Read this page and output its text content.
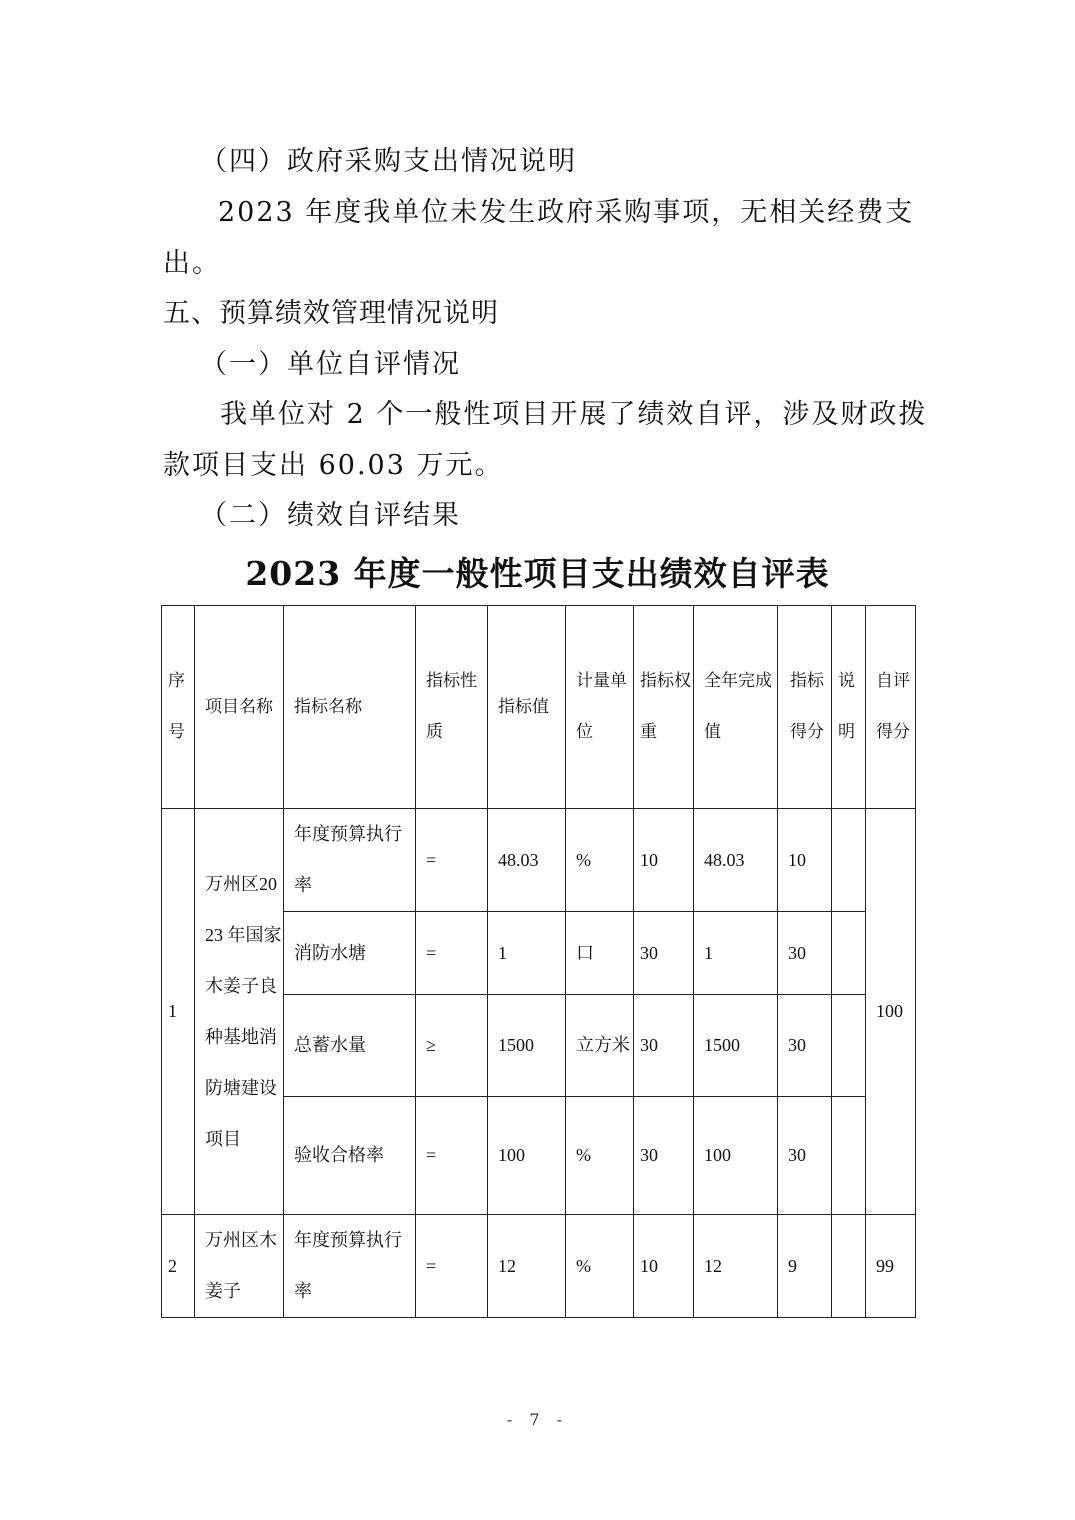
（四）政府采购支出情况说明
2023 年度我单位未发生政府采购事项，无相关经费支
出。
五、预算绩效管理情况说明
（一）单位自评情况
我单位对 2 个一般性项目开展了绩效自评，涉及财政拨
款项目支出 60.03 万元。
（二）绩效自评结果
2023 年度一般性项目支出绩效自评表
序号	项目名称	指标名称	指标性质	指标值	计量单位	指标权重	全年完成值	指标得分	说明	自评得分
1	万州区2023 年国家木姜子良种基地消防塘建设项目	年度预算执行率	=	48.03	%	10	48.03	10		100
		消防水塘	=	1	口	30	1	30		
		总蓄水量	≥	1500	立方米	30	1500	30		
		验收合格率	=	100	%	30	100	30		
2	万州区木姜子	年度预算执行率	=	12	%	10	12	9		99
- 7 -
